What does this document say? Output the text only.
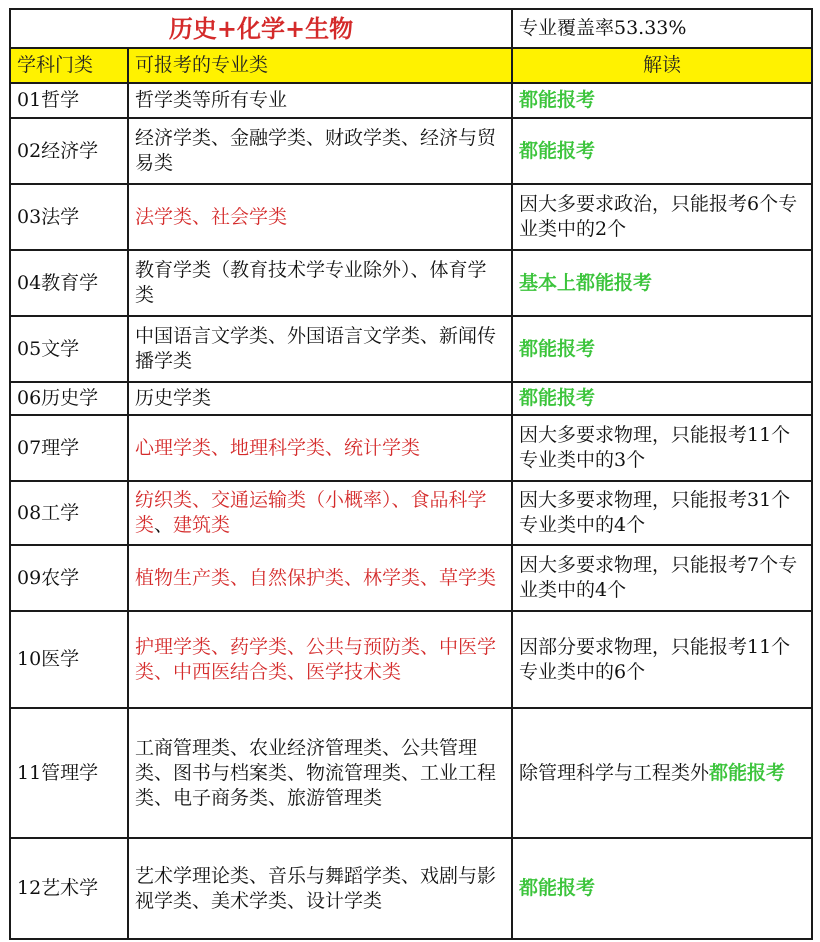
历史+化学+生物		专业覆盖率53.33%
学科门类	可报考的专业类	解读
01哲学	哲学类等所有专业	都能报考
02经济学	经济学类、金融学类、财政学类、经济与贸易类	都能报考
03法学	法学类、社会学类	因大多要求政治，只能报考6个专业类中的2个
04教育学	教育学类（教育技术学专业除外）、体育学类	基本上都能报考
05文学	中国语言文学类、外国语言文学类、新闻传播学类	都能报考
06历史学	历史学类	都能报考
07理学	心理学类、地理科学类、统计学类	因大多要求物理，只能报考11个专业类中的3个
08工学	纺织类、交通运输类（小概率）、食品科学类、建筑类	因大多要求物理，只能报考31个专业类中的4个
09农学	植物生产类、自然保护类、林学类、草学类	因大多要求物理，只能报考7个专业类中的4个
10医学	护理学类、药学类、公共与预防类、中医学类、中西医结合类、医学技术类	因部分要求物理，只能报考11个专业类中的6个
11管理学	工商管理类、农业经济管理类、公共管理类、图书与档案类、物流管理类、工业工程类、电子商务类、旅游管理类	除管理科学与工程类外都能报考
12艺术学	艺术学理论类、音乐与舞蹈学类、戏剧与影视学类、美术学类、设计学类	都能报考
